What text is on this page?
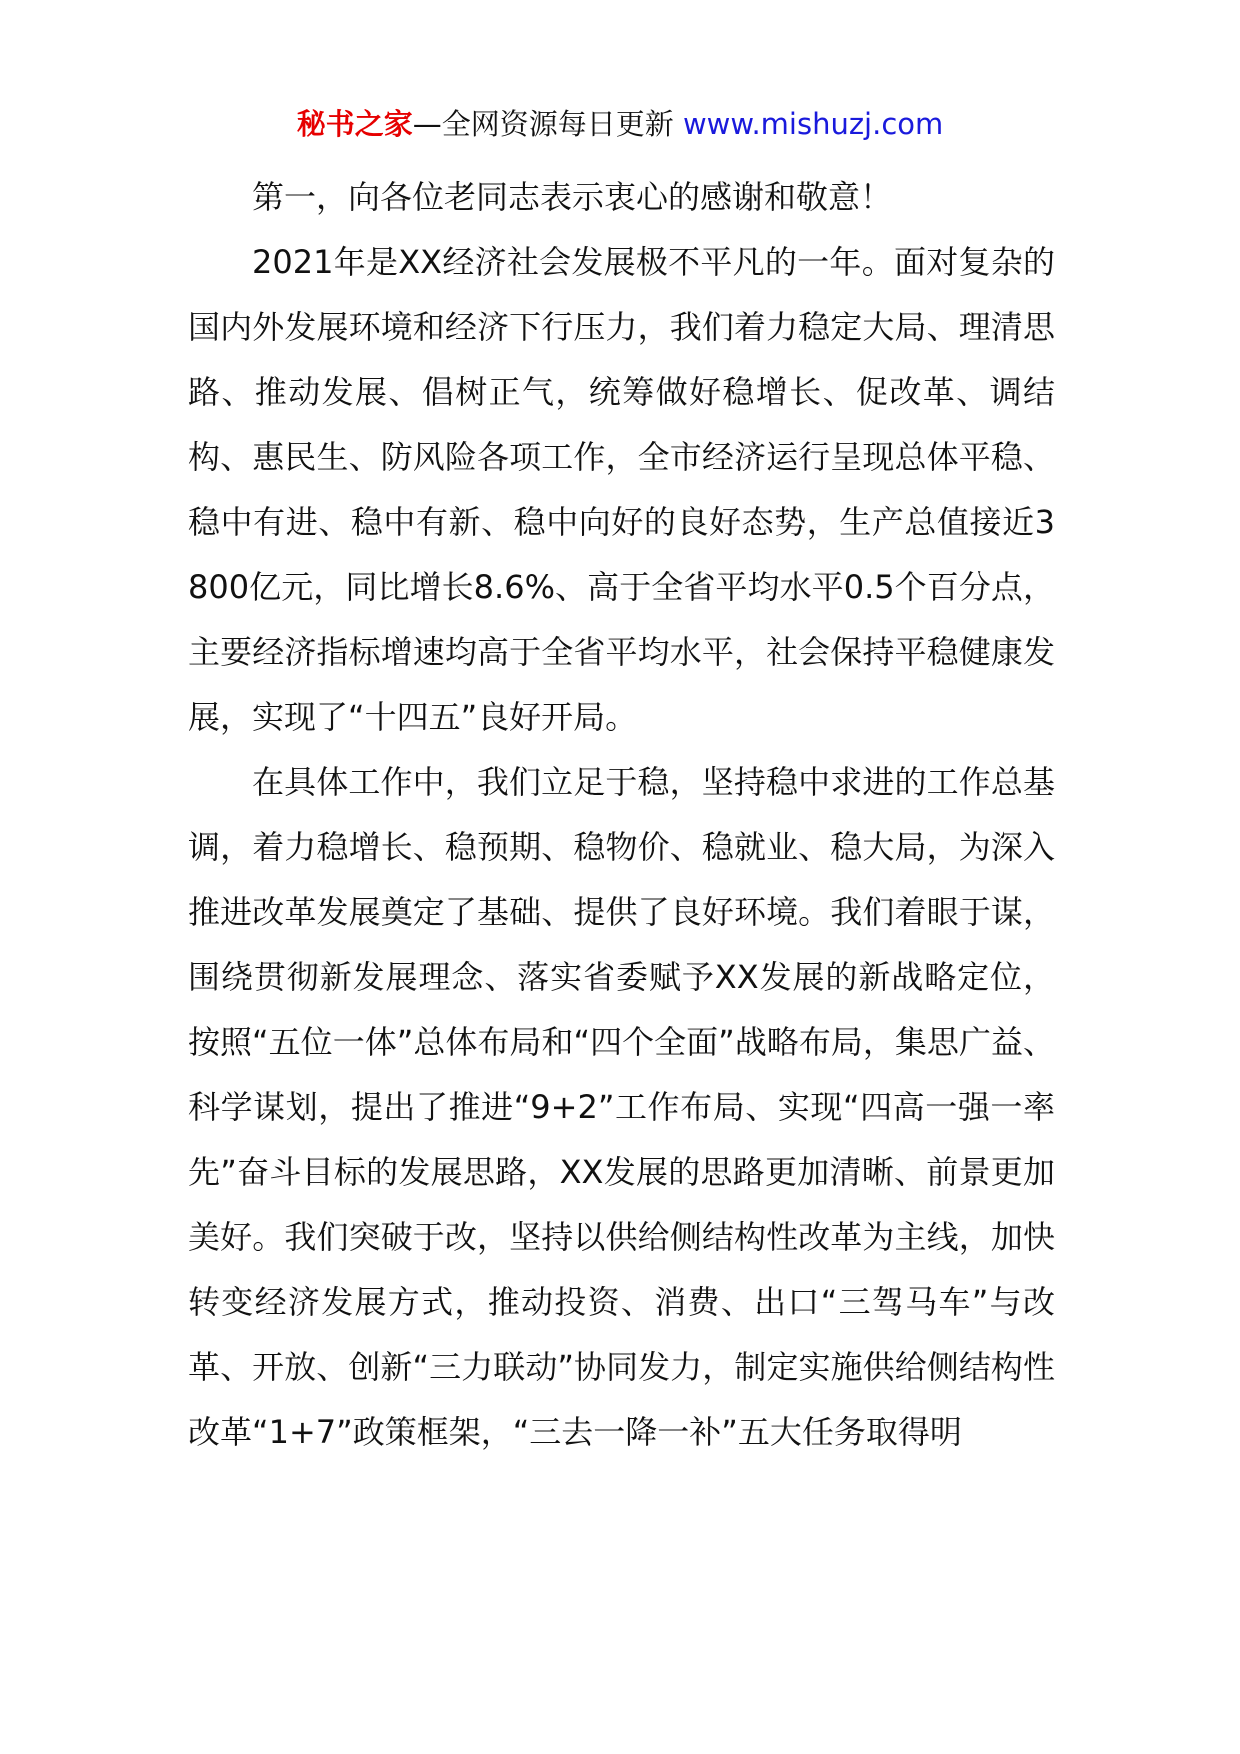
秘书之家—全网资源每日更新 www.mishuzj.com

第一，向各位老同志表示衷心的感谢和敬意！

2021年是XX经济社会发展极不平凡的一年。面对复杂的国内外发展环境和经济下行压力，我们着力稳定大局、理清思路、推动发展、倡树正气，统筹做好稳增长、促改革、调结构、惠民生、防风险各项工作，全市经济运行呈现总体平稳、稳中有进、稳中有新、稳中向好的良好态势，生产总值接近3800亿元，同比增长8.6%、高于全省平均水平0.5个百分点，主要经济指标增速均高于全省平均水平，社会保持平稳健康发展，实现了“十四五”良好开局。

在具体工作中，我们立足于稳，坚持稳中求进的工作总基调，着力稳增长、稳预期、稳物价、稳就业、稳大局，为深入推进改革发展奠定了基础、提供了良好环境。我们着眼于谋，围绕贯彻新发展理念、落实省委赋予XX发展的新战略定位，按照“五位一体”总体布局和“四个全面”战略布局，集思广益、科学谋划，提出了推进“9+2”工作布局、实现“四高一强一率先”奋斗目标的发展思路，XX发展的思路更加清晰、前景更加美好。我们突破于改，坚持以供给侧结构性改革为主线，加快转变经济发展方式，推动投资、消费、出口“三驾马车”与改革、开放、创新“三力联动”协同发力，制定实施供给侧结构性改革“1+7”政策框架，“三去一降一补”五大任务取得明
